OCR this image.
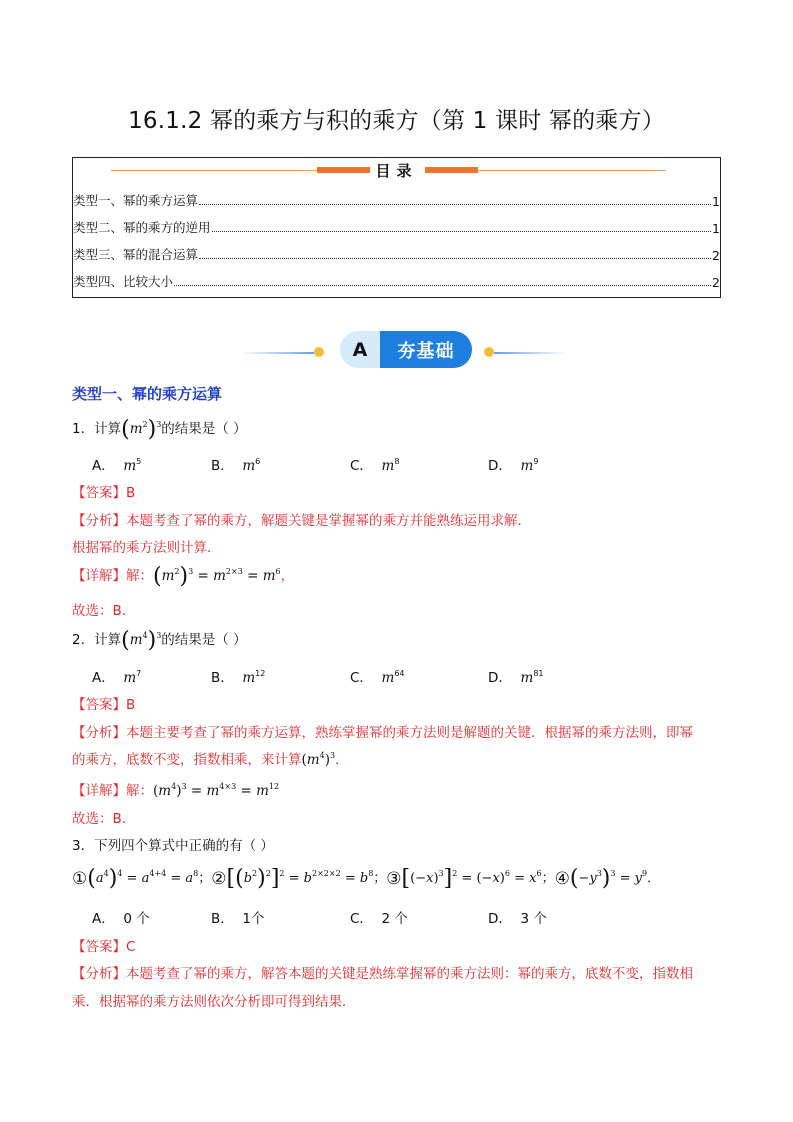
16.1.2 幂的乘方与积的乘方（第 1 课时 幂的乘方）
目录
类型一、幂的乘方运算	1
类型二、幂的乘方的逆用	1
类型三、幂的混合运算	2
类型四、比较大小	2
A	夯基础
类型一、幂的乘方运算
1．计算$(m^2)^3$的结果是（ ）
A． $m^5$	B． $m^6$	C． $m^8$	D． $m^9$
【答案】B
【分析】本题考查了幂的乘方，解题关键是掌握幂的乘方并能熟练运用求解．
根据幂的乘方法则计算．
【详解】解：$(m^2)^3 = m^{2\times 3} = m^6$，
故选：B．
2．计算$(m^4)^3$的结果是（ ）
A． $m^7$	B． $m^{12}$	C． $m^{64}$	D． $m^{81}$
【答案】B
【分析】本题主要考查了幂的乘方运算，熟练掌握幂的乘方法则是解题的关键．根据幂的乘方法则，即幂
的乘方，底数不变，指数相乘，来计算$(m^4)^3$．
【详解】解：$(m^4)^3 = m^{4\times 3} = m^{12}$
故选：B．
3．下列四个算式中正确的有（ ）
$①(a^4)^4 = a^{4+4} = a^8$；$②[(b^2)^2]^2 = b^{2\times 2\times 2} = b^8$；$③[(-x)^3]^2 = (-x)^6 = x^6$；$④(-y^3)^3 = y^9$．
A． 0 个	B． 1个	C． 2 个	D． 3 个
【答案】C
【分析】本题考查了幂的乘方，解答本题的关键是熟练掌握幂的乘方法则：幂的乘方，底数不变，指数相
乘．根据幂的乘方法则依次分析即可得到结果．
